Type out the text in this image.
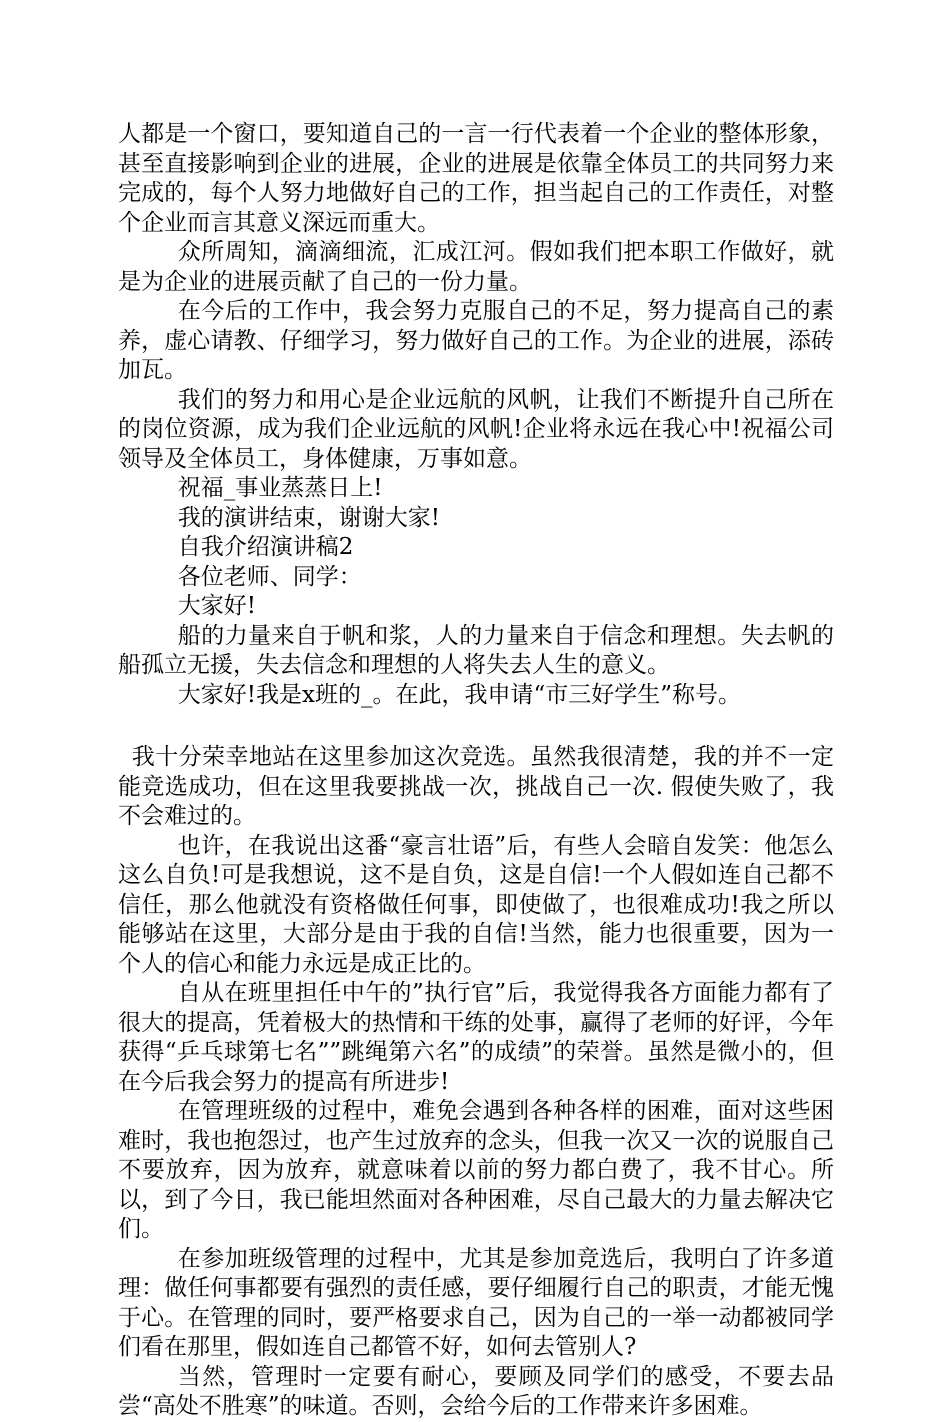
人都是一个窗口，要知道自己的一言一行代表着一个企业的整体形象，甚至直接影响到企业的进展，企业的进展是依靠全体员工的共同努力来完成的，每个人努力地做好自己的工作，担当起自己的工作责任，对整个企业而言其意义深远而重大。

众所周知，滴滴细流，汇成江河。假如我们把本职工作做好，就是为企业的进展贡献了自己的一份力量。

在今后的工作中，我会努力克服自己的不足，努力提高自己的素养，虚心请教、仔细学习，努力做好自己的工作。为企业的进展，添砖加瓦。

我们的努力和用心是企业远航的风帆，让我们不断提升自己所在的岗位资源，成为我们企业远航的风帆!企业将永远在我心中!祝福公司领导及全体员工，身体健康，万事如意。

祝福_事业蒸蒸日上!

我的演讲结束，谢谢大家!

自我介绍演讲稿2

各位老师、同学：

大家好!

船的力量来自于帆和浆，人的力量来自于信念和理想。失去帆的船孤立无援，失去信念和理想的人将失去人生的意义。

大家好!我是x班的_。在此，我申请“市三好学生”称号。

我十分荣幸地站在这里参加这次竞选。虽然我很清楚，我的并不一定能竞选成功，但在这里我要挑战一次，挑战自己一次. 假使失败了，我不会难过的。

也许，在我说出这番“豪言壮语”后，有些人会暗自发笑：他怎么这么自负!可是我想说，这不是自负，这是自信!一个人假如连自己都不信任，那么他就没有资格做任何事，即使做了，也很难成功!我之所以能够站在这里，大部分是由于我的自信!当然，能力也很重要，因为一个人的信心和能力永远是成正比的。

自从在班里担任中午的”执行官”后，我觉得我各方面能力都有了很大的提高，凭着极大的热情和干练的处事，赢得了老师的好评，今年获得“乒乓球第七名””跳绳第六名”的成绩”的荣誉。虽然是微小的，但在今后我会努力的提高有所进步!

在管理班级的过程中，难免会遇到各种各样的困难，面对这些困难时，我也抱怨过，也产生过放弃的念头，但我一次又一次的说服自己不要放弃，因为放弃，就意味着以前的努力都白费了，我不甘心。所以，到了今日，我已能坦然面对各种困难，尽自己最大的力量去解决它们。

在参加班级管理的过程中，尤其是参加竞选后，我明白了许多道理：做任何事都要有强烈的责任感，要仔细履行自己的职责，才能无愧于心。在管理的同时，要严格要求自己，因为自己的一举一动都被同学们看在那里，假如连自己都管不好，如何去管别人?

当然，管理时一定要有耐心，要顾及同学们的感受，不要去品尝“高处不胜寒”的味道。否则，会给今后的工作带来许多困难。
